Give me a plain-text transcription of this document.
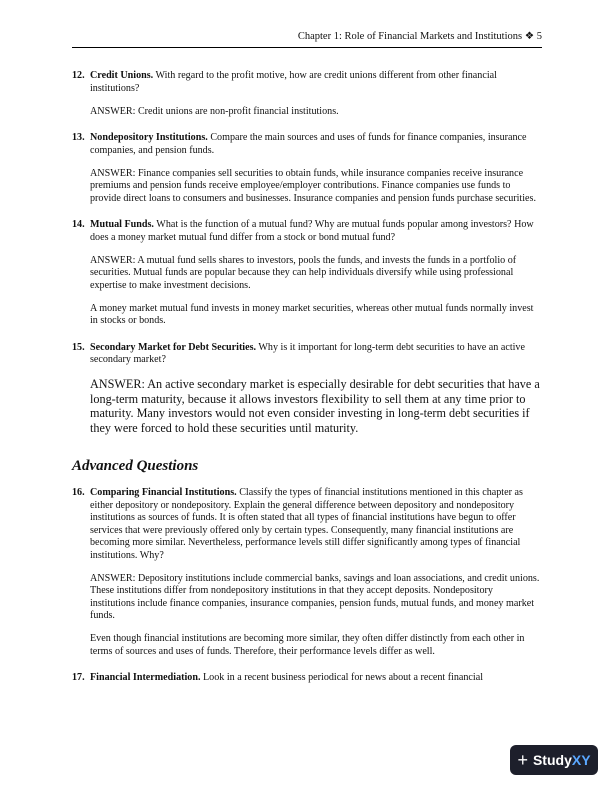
Chapter 1: Role of Financial Markets and Institutions ❖ 5
12. Credit Unions. With regard to the profit motive, how are credit unions different from other financial institutions?

ANSWER: Credit unions are non-profit financial institutions.

13. Nondepository Institutions. Compare the main sources and uses of funds for finance companies, insurance companies, and pension funds.

ANSWER: Finance companies sell securities to obtain funds, while insurance companies receive insurance premiums and pension funds receive employee/employer contributions. Finance companies use funds to provide direct loans to consumers and businesses. Insurance companies and pension funds purchase securities.

14. Mutual Funds. What is the function of a mutual fund? Why are mutual funds popular among investors? How does a money market mutual fund differ from a stock or bond mutual fund?

ANSWER: A mutual fund sells shares to investors, pools the funds, and invests the funds in a portfolio of securities. Mutual funds are popular because they can help individuals diversify while using professional expertise to make investment decisions.

A money market mutual fund invests in money market securities, whereas other mutual funds normally invest in stocks or bonds.

15. Secondary Market for Debt Securities. Why is it important for long-term debt securities to have an active secondary market?

ANSWER: An active secondary market is especially desirable for debt securities that have a long-term maturity, because it allows investors flexibility to sell them at any time prior to maturity. Many investors would not even consider investing in long-term debt securities if they were forced to hold these securities until maturity.

Advanced Questions
16. Comparing Financial Institutions. Classify the types of financial institutions mentioned in this chapter as either depository or nondepository. Explain the general difference between depository and nondepository institutions as sources of funds. It is often stated that all types of financial institutions have begun to offer services that were previously offered only by certain types. Consequently, many financial institutions are becoming more similar. Nevertheless, performance levels still differ significantly among types of financial institutions. Why?

ANSWER: Depository institutions include commercial banks, savings and loan associations, and credit unions. These institutions differ from nondepository institutions in that they accept deposits. Nondepository institutions include finance companies, insurance companies, pension funds, mutual funds, and money market funds.

Even though financial institutions are becoming more similar, they often differ distinctly from each other in terms of sources and uses of funds. Therefore, their performance levels differ as well.

17. Financial Intermediation. Look in a recent business periodical for news about a recent financial
+ StudyXY
